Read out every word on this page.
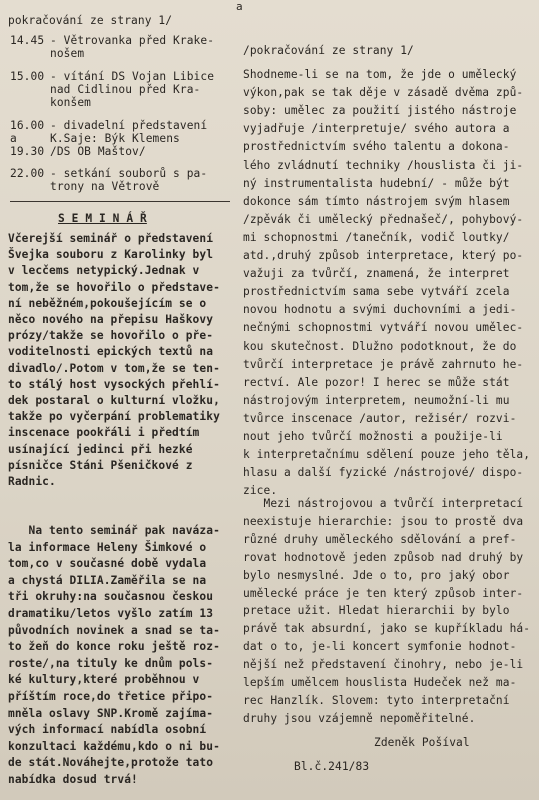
a
pokračování ze strany 1/
14.45 - Větrovanka před Krake-
nošem
15.00 - vítání DS Vojan Libice
nad Cidlinou před Kra-
konšem
16.00
a
19.30
- divadelní představení
K.Saje: Býk Klemens
/DS OB Maštov/
22.00 - setkání souborů s pa-
trony na Větrově
S E M I N Á Ř
Včerejší seminář o představení
Švejka souboru z Karolinky byl
v lecčems netypický.Jednak v
tom,že se hovořilo o představe-
ní neběžném,pokoušejícím se o
něco nového na přepisu Haškovy
prózy/takže se hovořilo o pře-
voditelnosti epických textů na
divadlo/.Potom v tom,že se ten-
to stálý host vysockých přehlí-
dek postaral o kulturní vložku,
takže po vyčerpání problematiky
inscenace pookřáli i předtím
usínající jedinci při hezké
písničce Stáni Pšeničkové z
Radnic.
Na tento seminář pak naváza-
la informace Heleny Šimkové o
tom,co v současné době vydala
a chystá DILIA.Zaměřila se na
tři okruhy:na současnou českou
dramatiku/letos vyšlo zatím 13
původních novinek a snad se ta-
to žeň do konce roku ještě roz-
roste/,na tituly ke dnům pols-
ké kultury,které proběhnou v
příštím roce,do třetice připo-
mněla oslavy SNP.Kromě zajíma-
vých informací nabídla osobní
konzultaci každému,kdo o ni bu-
de stát.Nováhejte,protože tato
nabídka dosud trvá!
/pokračování ze strany 1/
Shodneme-li se na tom, že jde o umělecký
výkon,pak se tak děje v zásadě dvěma způ-
soby: umělec za použití jistého nástroje
vyjadřuje /interpretuje/ svého autora a
prostřednictvím svého talentu a dokona-
lého zvládnutí techniky /houslista či ji-
ný instrumentalista hudební/ - může být
dokonce sám tímto nástrojem svým hlasem
/zpěvák či umělecký přednašeč/, pohybový-
mi schopnostmi /tanečník, vodič loutky/
atd.,druhý způsob interpretace, který po-
važuji za tvůrčí, znamená, že interpret
prostřednictvím sama sebe vytváří zcela
novou hodnotu a svými duchovními a jedi-
nečnými schopnostmi vytváří novou umělec-
kou skutečnost. Dlužno podotknout, že do
tvůrčí interpretace je právě zahrnuto he-
rectví. Ale pozor! I herec se může stát
nástrojovým interpretem, neumožní-li mu
tvůrce inscenace /autor, režisér/ rozvi-
nout jeho tvůrčí možnosti a použije-li
k interpretačnímu sdělení pouze jeho těla,
hlasu a další fyzické /nástrojové/ dispo-
zice.
Mezi nástrojovou a tvůrčí interpretací
neexistuje hierarchie: jsou to prostě dva
různé druhy uměleckého sdělování a pref-
rovat hodnotově jeden způsob nad druhý by
bylo nesmyslné. Jde o to, pro jaký obor
umělecké práce je ten který způsob inter-
pretace užit. Hledat hierarchii by bylo
právě tak absurdní, jako se kupříkladu há-
dat o to, je-li koncert symfonie hodnot-
nější než představení činohry, nebo je-li
lepším umělcem houslista Hudeček než ma-
rec Hanzlík. Slovem: tyto interpretační
druhy jsou vzájemně nepoměřitelné.
Zdeněk Pošíval
Bl.č.241/83
